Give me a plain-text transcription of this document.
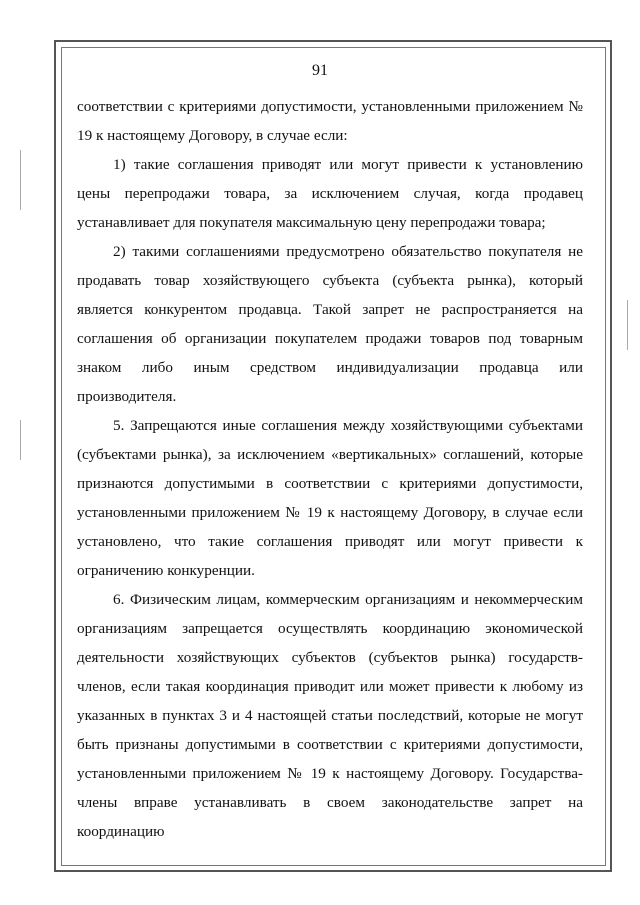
91

соответствии с критериями допустимости, установленными приложением № 19 к настоящему Договору, в случае если:

1) такие соглашения приводят или могут привести к установлению цены перепродажи товара, за исключением случая, когда продавец устанавливает для покупателя максимальную цену перепродажи товара;

2) такими соглашениями предусмотрено обязательство покупателя не продавать товар хозяйствующего субъекта (субъекта рынка), который является конкурентом продавца. Такой запрет не распространяется на соглашения об организации покупателем продажи товаров под товарным знаком либо иным средством индивидуализации продавца или производителя.

5. Запрещаются иные соглашения между хозяйствующими субъектами (субъектами рынка), за исключением «вертикальных» соглашений, которые признаются допустимыми в соответствии с критериями допустимости, установленными приложением № 19 к настоящему Договору, в случае если установлено, что такие соглашения приводят или могут привести к ограничению конкуренции.

6. Физическим лицам, коммерческим организациям и некоммерческим организациям запрещается осуществлять координацию экономической деятельности хозяйствующих субъектов (субъектов рынка) государств-членов, если такая координация приводит или может привести к любому из указанных в пунктах 3 и 4 настоящей статьи последствий, которые не могут быть признаны допустимыми в соответствии с критериями допустимости, установленными приложением № 19 к настоящему Договору. Государства-члены вправе устанавливать в своем законодательстве запрет на координацию
